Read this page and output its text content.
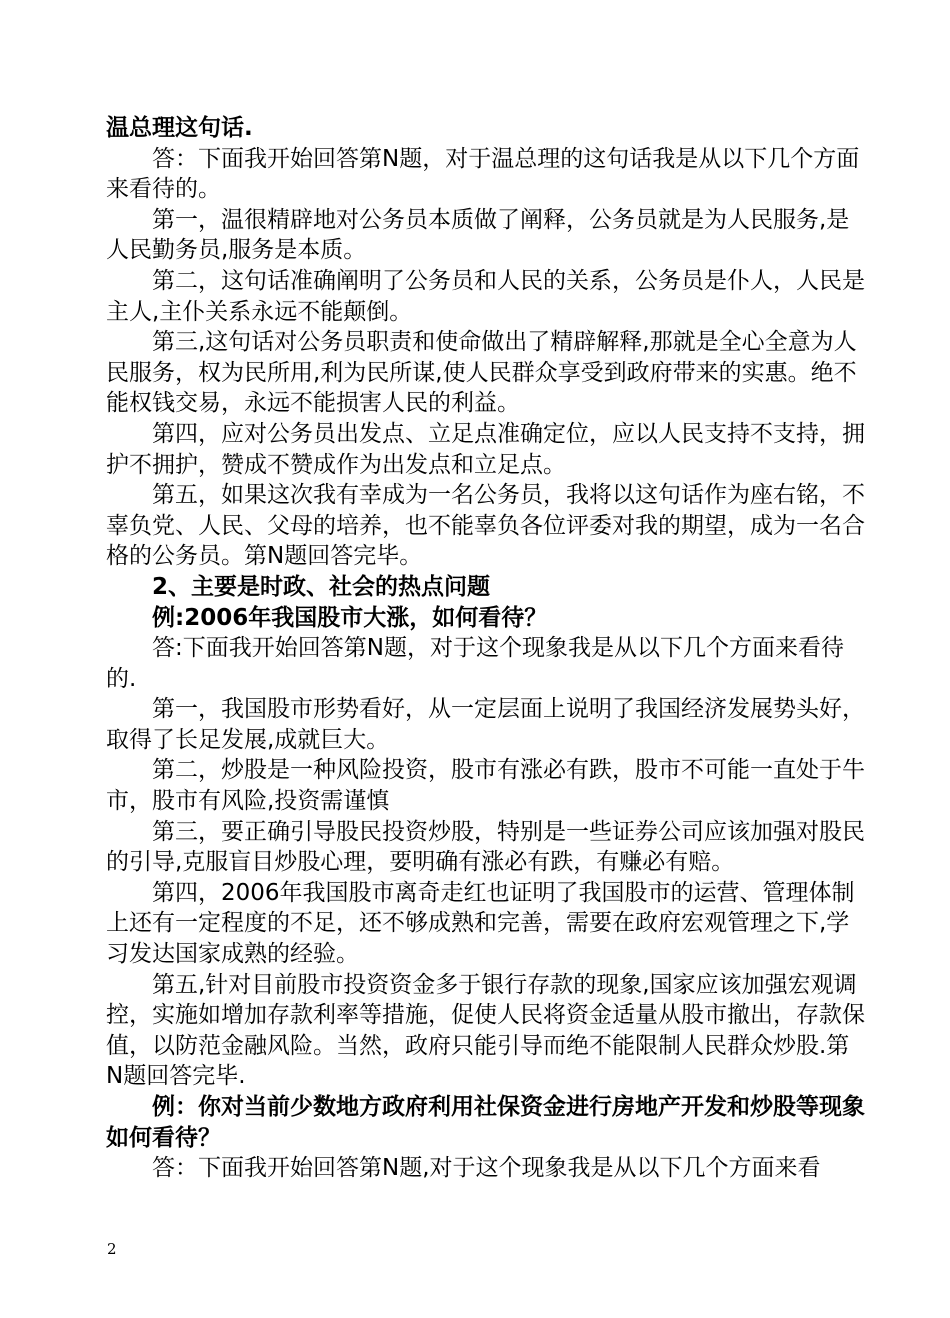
温总理这句话.

答：下面我开始回答第N题，对于温总理的这句话我是从以下几个方面来看待的。

第一，温很精辟地对公务员本质做了阐释，公务员就是为人民服务,是人民勤务员,服务是本质。

第二，这句话准确阐明了公务员和人民的关系，公务员是仆人，人民是主人,主仆关系永远不能颠倒。

第三,这句话对公务员职责和使命做出了精辟解释,那就是全心全意为人民服务，权为民所用,利为民所谋,使人民群众享受到政府带来的实惠。绝不能权钱交易，永远不能损害人民的利益。

第四，应对公务员出发点、立足点准确定位，应以人民支持不支持，拥护不拥护，赞成不赞成作为出发点和立足点。

第五，如果这次我有幸成为一名公务员，我将以这句话作为座右铭，不辜负党、人民、父母的培养，也不能辜负各位评委对我的期望，成为一名合格的公务员。第N题回答完毕。

2、主要是时政、社会的热点问题

例:2006年我国股市大涨，如何看待？

答:下面我开始回答第N题，对于这个现象我是从以下几个方面来看待的.

第一，我国股市形势看好，从一定层面上说明了我国经济发展势头好，取得了长足发展,成就巨大。

第二，炒股是一种风险投资，股市有涨必有跌，股市不可能一直处于牛市，股市有风险,投资需谨慎

第三，要正确引导股民投资炒股，特别是一些证券公司应该加强对股民的引导,克服盲目炒股心理，要明确有涨必有跌，有赚必有赔。

第四，2006年我国股市离奇走红也证明了我国股市的运营、管理体制上还有一定程度的不足，还不够成熟和完善，需要在政府宏观管理之下,学习发达国家成熟的经验。

第五,针对目前股市投资资金多于银行存款的现象,国家应该加强宏观调控，实施如增加存款利率等措施，促使人民将资金适量从股市撤出，存款保值，以防范金融风险。当然，政府只能引导而绝不能限制人民群众炒股.第N题回答完毕.

例：你对当前少数地方政府利用社保资金进行房地产开发和炒股等现象如何看待？

答：下面我开始回答第N题,对于这个现象我是从以下几个方面来看

2
